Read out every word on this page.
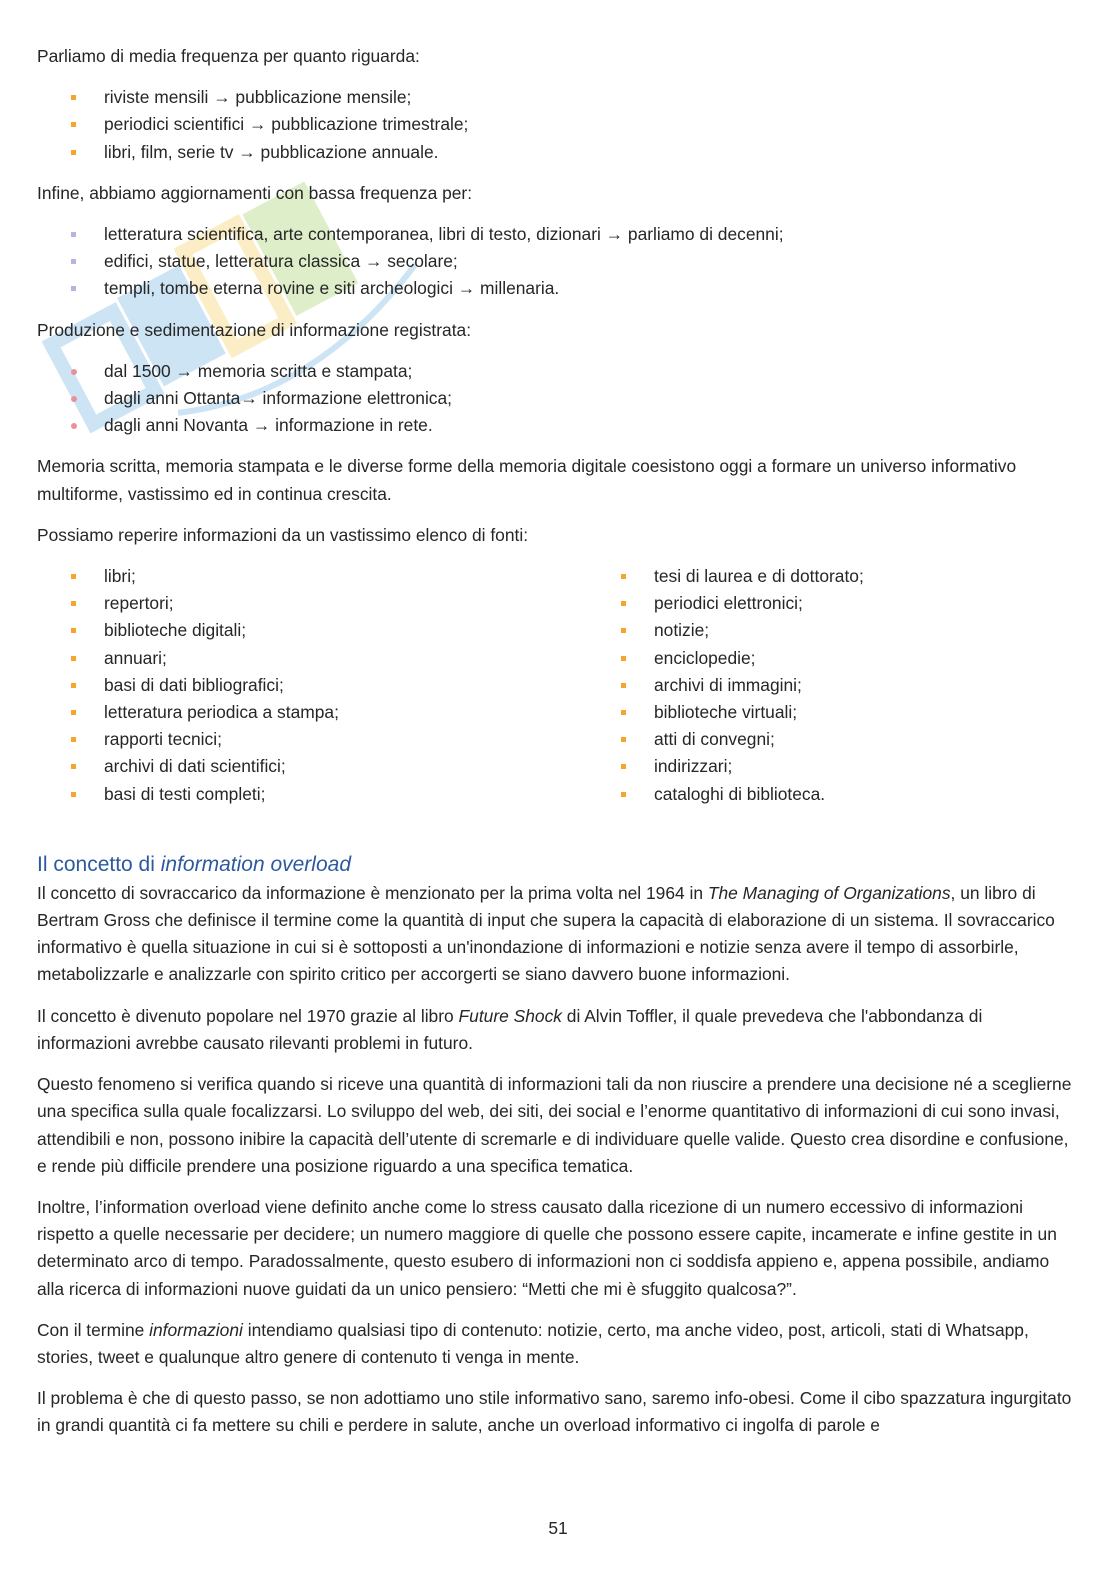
Parliamo di media frequenza per quanto riguarda:

riviste mensili → pubblicazione mensile;
periodici scientifici → pubblicazione trimestrale;
libri, film, serie tv → pubblicazione annuale.

Infine, abbiamo aggiornamenti con bassa frequenza per:

letteratura scientifica, arte contemporanea, libri di testo, dizionari → parliamo di decenni;
edifici, statue, letteratura classica → secolare;
templi, tombe eterna rovine e siti archeologici → millenaria.

Produzione e sedimentazione di informazione registrata:

dal 1500 → memoria scritta e stampata;
dagli anni Ottanta→ informazione elettronica;
dagli anni Novanta → informazione in rete.

Memoria scritta, memoria stampata e le diverse forme della memoria digitale coesistono oggi a formare un universo informativo multiforme, vastissimo ed in continua crescita.

Possiamo reperire informazioni da un vastissimo elenco di fonti:

libri;
repertori;
biblioteche digitali;
annuari;
basi di dati bibliografici;
letteratura periodica a stampa;
rapporti tecnici;
archivi di dati scientifici;
basi di testi completi;
tesi di laurea e di dottorato;
periodici elettronici;
notizie;
enciclopedie;
archivi di immagini;
biblioteche virtuali;
atti di convegni;
indirizzari;
cataloghi di biblioteca.
Il concetto di information overload

Il concetto di sovraccarico da informazione è menzionato per la prima volta nel 1964 in The Managing of Organizations, un libro di Bertram Gross che definisce il termine come la quantità di input che supera la capacità di elaborazione di un sistema. Il sovraccarico informativo è quella situazione in cui si è sottoposti a un'inondazione di informazioni e notizie senza avere il tempo di assorbirle, metabolizzarle e analizzarle con spirito critico per accorgerti se siano davvero buone informazioni.

Il concetto è divenuto popolare nel 1970 grazie al libro Future Shock di Alvin Toffler, il quale prevedeva che l'abbondanza di informazioni avrebbe causato rilevanti problemi in futuro.

Questo fenomeno si verifica quando si riceve una quantità di informazioni tali da non riuscire a prendere una decisione né a sceglierne una specifica sulla quale focalizzarsi. Lo sviluppo del web, dei siti, dei social e l’enorme quantitativo di informazioni di cui sono invasi, attendibili e non, possono inibire la capacità dell’utente di scremarle e di individuare quelle valide. Questo crea disordine e confusione, e rende più difficile prendere una posizione riguardo a una specifica tematica.

Inoltre, l’information overload viene definito anche come lo stress causato dalla ricezione di un numero eccessivo di informazioni rispetto a quelle necessarie per decidere; un numero maggiore di quelle che possono essere capite, incamerate e infine gestite in un determinato arco di tempo. Paradossalmente, questo esubero di informazioni non ci soddisfa appieno e, appena possibile, andiamo alla ricerca di informazioni nuove guidati da un unico pensiero: “Metti che mi è sfuggito qualcosa?”.

Con il termine informazioni intendiamo qualsiasi tipo di contenuto: notizie, certo, ma anche video, post, articoli, stati di Whatsapp, stories, tweet e qualunque altro genere di contenuto ti venga in mente.

Il problema è che di questo passo, se non adottiamo uno stile informativo sano, saremo info-obesi. Come il cibo spazzatura ingurgitato in grandi quantità ci fa mettere su chili e perdere in salute, anche un overload informativo ci ingolfa di parole e

51
